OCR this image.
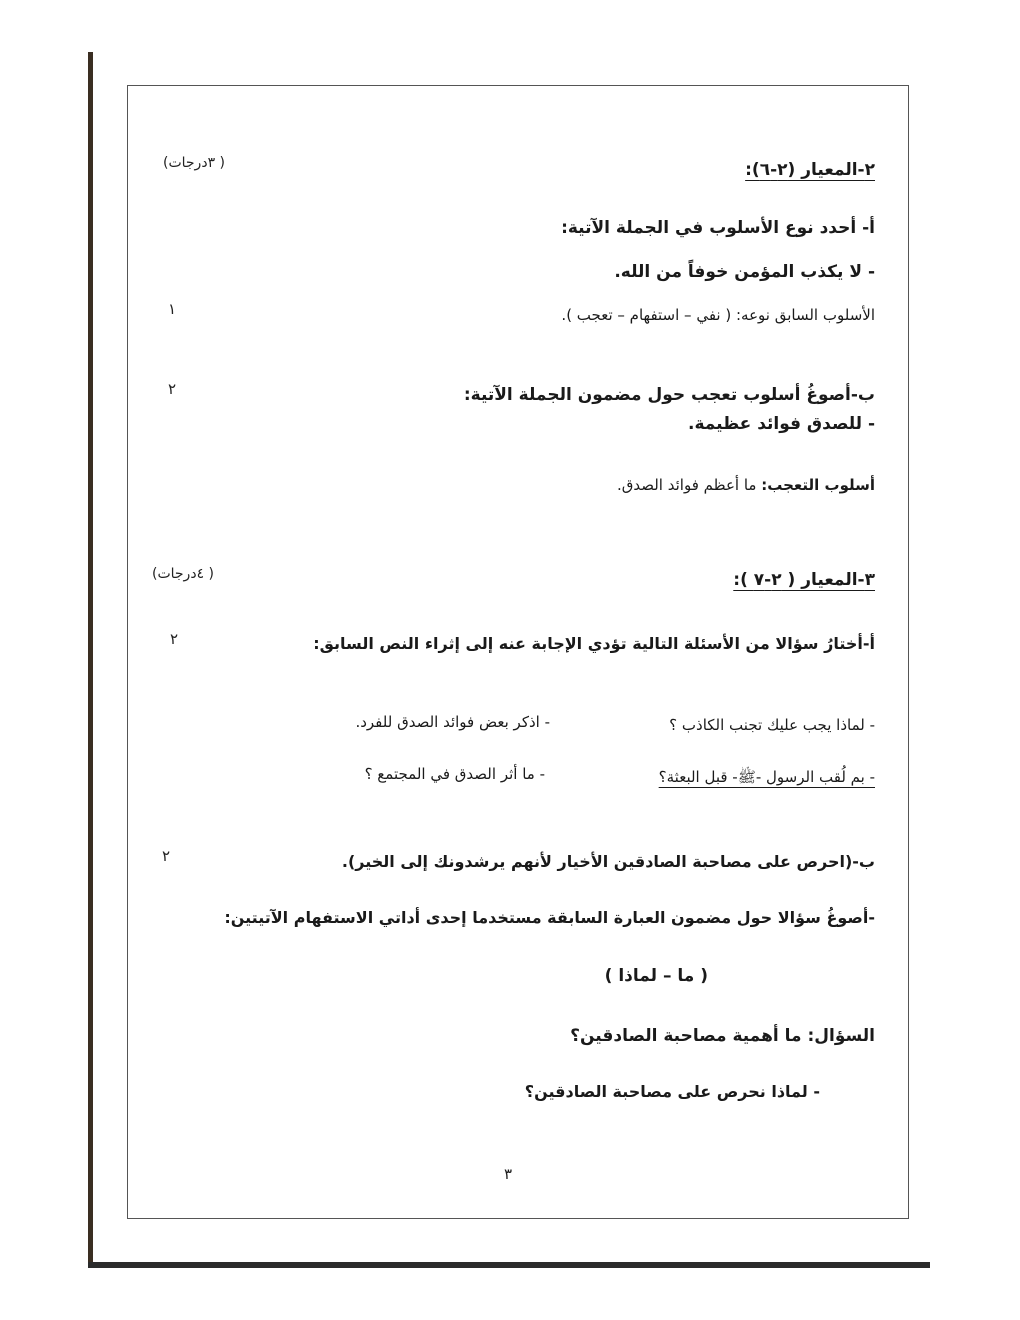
٢-المعيار (٢-٦):
( ٣درجات)
أ- أحدد نوع الأسلوب في الجملة الآتية:
- لا يكذب المؤمن خوفاً من الله.
١	الأسلوب السابق نوعه: ( نفي – استفهام – تعجب ).
٢	ب-أصوغُ أسلوب تعجب حول مضمون الجملة الآتية:
- للصدق فوائد عظيمة.
أسلوب التعجب: ما أعظم فوائد الصدق.
٣-المعيار ( ٢-٧ ):
( ٤درجات)
٢	أ-أختارُ سؤالا من الأسئلة التالية تؤدي الإجابة عنه إلى إثراء النص السابق:
- لماذا يجب عليك تجنب الكاذب ؟
- اذكر بعض فوائد الصدق للفرد.
- بم لُقب الرسول -ﷺ- قبل البعثة؟
- ما أثر الصدق في المجتمع ؟
٢	ب-(احرص على مصاحبة الصادقين الأخيار لأنهم يرشدونك إلى الخير).
-أصوغُ سؤالا حول مضمون العبارة السابقة مستخدما إحدى أداتي الاستفهام الآتيتين:
( ما – لماذا )
السؤال: ما أهمية مصاحبة الصادقين؟
- لماذا نحرص على مصاحبة الصادقين؟
٣
